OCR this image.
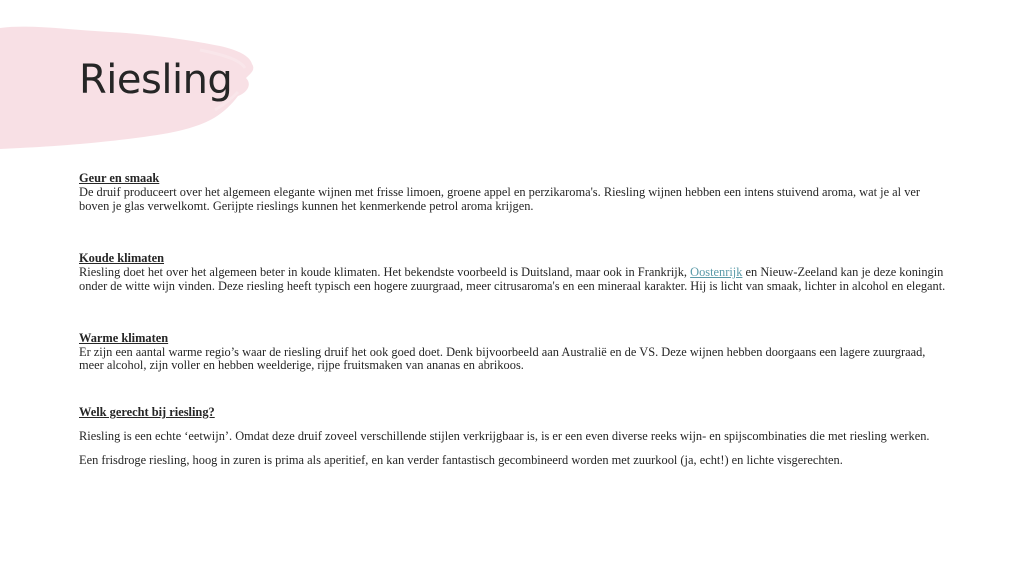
Riesling
Geur en smaak

De druif produceert over het algemeen elegante wijnen met frisse limoen, groene appel en perzikaroma's. Riesling wijnen hebben een intens stuivend aroma, wat je al ver boven je glas verwelkomt. Gerijpte rieslings kunnen het kenmerkende petrol aroma krijgen.

Koude klimaten

Riesling doet het over het algemeen beter in koude klimaten. Het bekendste voorbeeld is Duitsland, maar ook in Frankrijk, Oostenrijk en Nieuw-Zeeland kan je deze koningin onder de witte wijn vinden. Deze riesling heeft typisch een hogere zuurgraad, meer citrusaroma's en een mineraal karakter. Hij is licht van smaak, lichter in alcohol en elegant.

Warme klimaten

Er zijn een aantal warme regio’s waar de riesling druif het ook goed doet. Denk bijvoorbeeld aan Australië en de VS. Deze wijnen hebben doorgaans een lagere zuurgraad, meer alcohol, zijn voller en hebben weelderige, rijpe fruitsmaken van ananas en abrikoos.

Welk gerecht bij riesling?

Riesling is een echte ‘eetwijn’. Omdat deze druif zoveel verschillende stijlen verkrijgbaar is, is er een even diverse reeks wijn- en spijscombinaties die met riesling werken.

Een frisdroge riesling, hoog in zuren is prima als aperitief, en kan verder fantastisch gecombineerd worden met zuurkool (ja, echt!) en lichte visgerechten.
